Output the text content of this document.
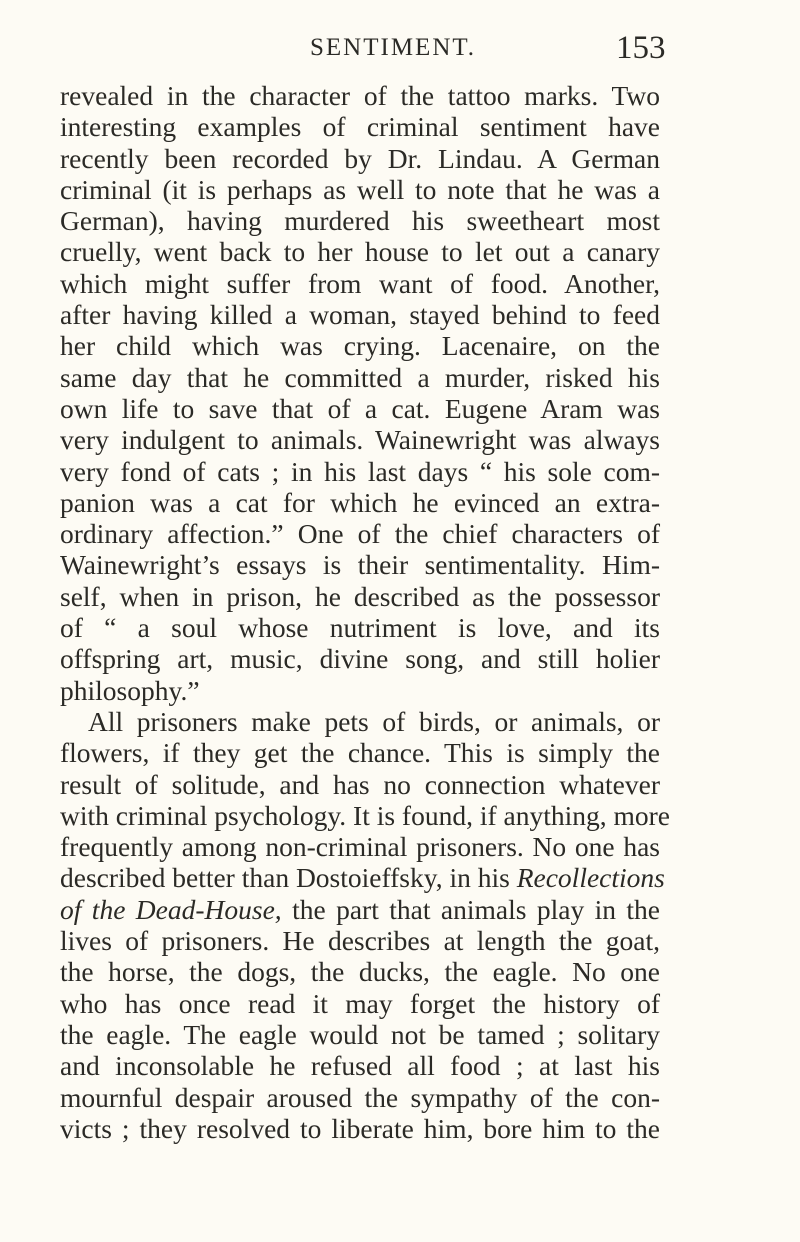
SENTIMENT.	153
revealed in the character of the tattoo marks. Two
interesting examples of criminal sentiment have
recently been recorded by Dr. Lindau. A German
criminal (it is perhaps as well to note that he was a
German), having murdered his sweetheart most
cruelly, went back to her house to let out a canary
which might suffer from want of food. Another,
after having killed a woman, stayed behind to feed
her child which was crying. Lacenaire, on the
same day that he committed a murder, risked his
own life to save that of a cat. Eugene Aram was
very indulgent to animals. Wainewright was always
very fond of cats ; in his last days “ his sole com-
panion was a cat for which he evinced an extra-
ordinary affection.” One of the chief characters of
Wainewright’s essays is their sentimentality. Him-
self, when in prison, he described as the possessor
of “ a soul whose nutriment is love, and its
offspring art, music, divine song, and still holier
philosophy.”
All prisoners make pets of birds, or animals, or
flowers, if they get the chance. This is simply the
result of solitude, and has no connection whatever
with criminal psychology. It is found, if anything, more
frequently among non-criminal prisoners. No one has
described better than Dostoieffsky, in his Recollections
of the Dead-House, the part that animals play in the
lives of prisoners. He describes at length the goat,
the horse, the dogs, the ducks, the eagle. No one
who has once read it may forget the history of
the eagle. The eagle would not be tamed ; solitary
and inconsolable he refused all food ; at last his
mournful despair aroused the sympathy of the con-
victs ; they resolved to liberate him, bore him to the
